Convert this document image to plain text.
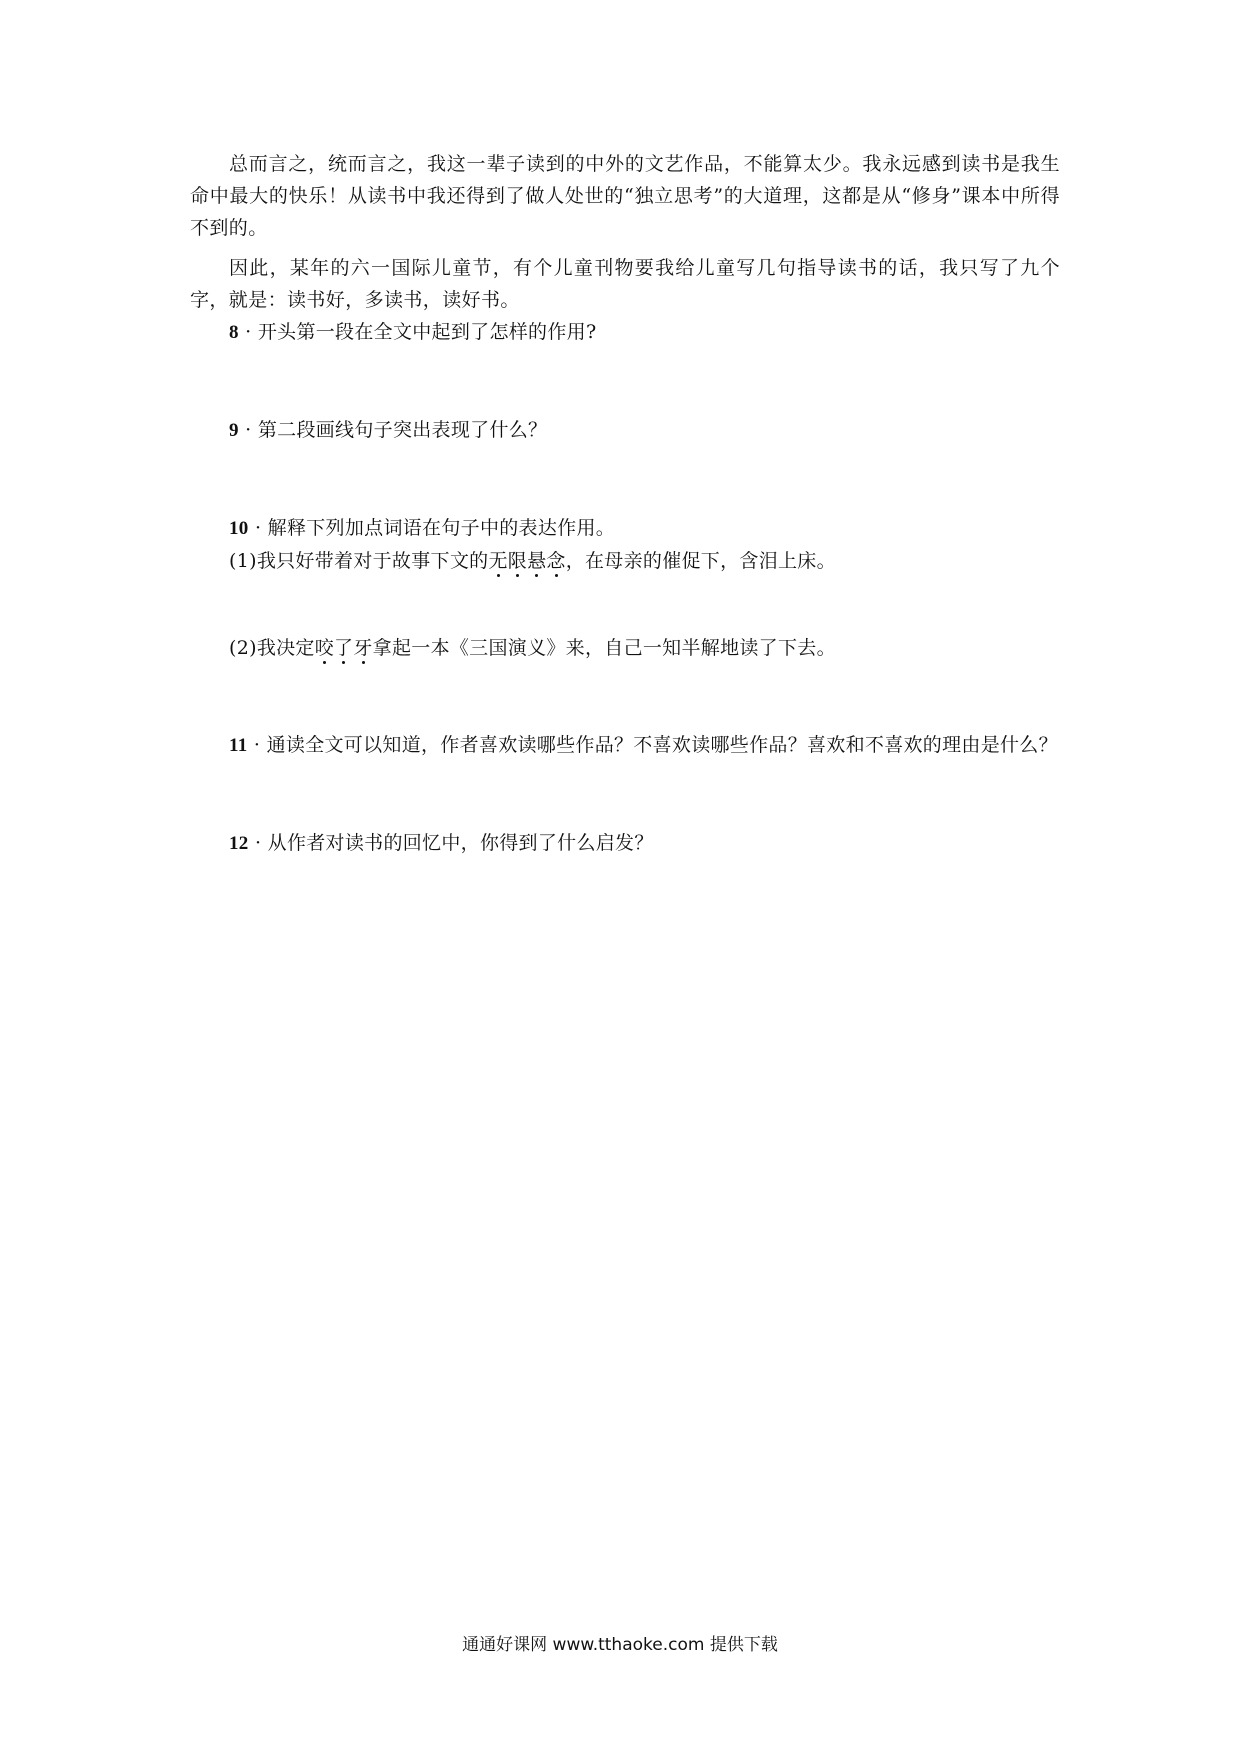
总而言之，统而言之，我这一辈子读到的中外的文艺作品，不能算太少。我永远感到读书是我生命中最大的快乐！从读书中我还得到了做人处世的“独立思考”的大道理，这都是从“修身”课本中所得不到的。

因此，某年的六一国际儿童节，有个儿童刊物要我给儿童写几句指导读书的话，我只写了九个字，就是：读书好，多读书，读好书。

8 · 开头第一段在全文中起到了怎样的作用?

9 · 第二段画线句子突出表现了什么？

10 · 解释下列加点词语在句子中的表达作用。

(1)我只好带着对于故事下文的无限悬念，在母亲的催促下，含泪上床。

(2)我决定咬了牙拿起一本《三国演义》来，自己一知半解地读了下去。

11 · 通读全文可以知道，作者喜欢读哪些作品？不喜欢读哪些作品？喜欢和不喜欢的理由是什么？

12 · 从作者对读书的回忆中，你得到了什么启发？

通通好课网 www.tthaoke.com 提供下载
